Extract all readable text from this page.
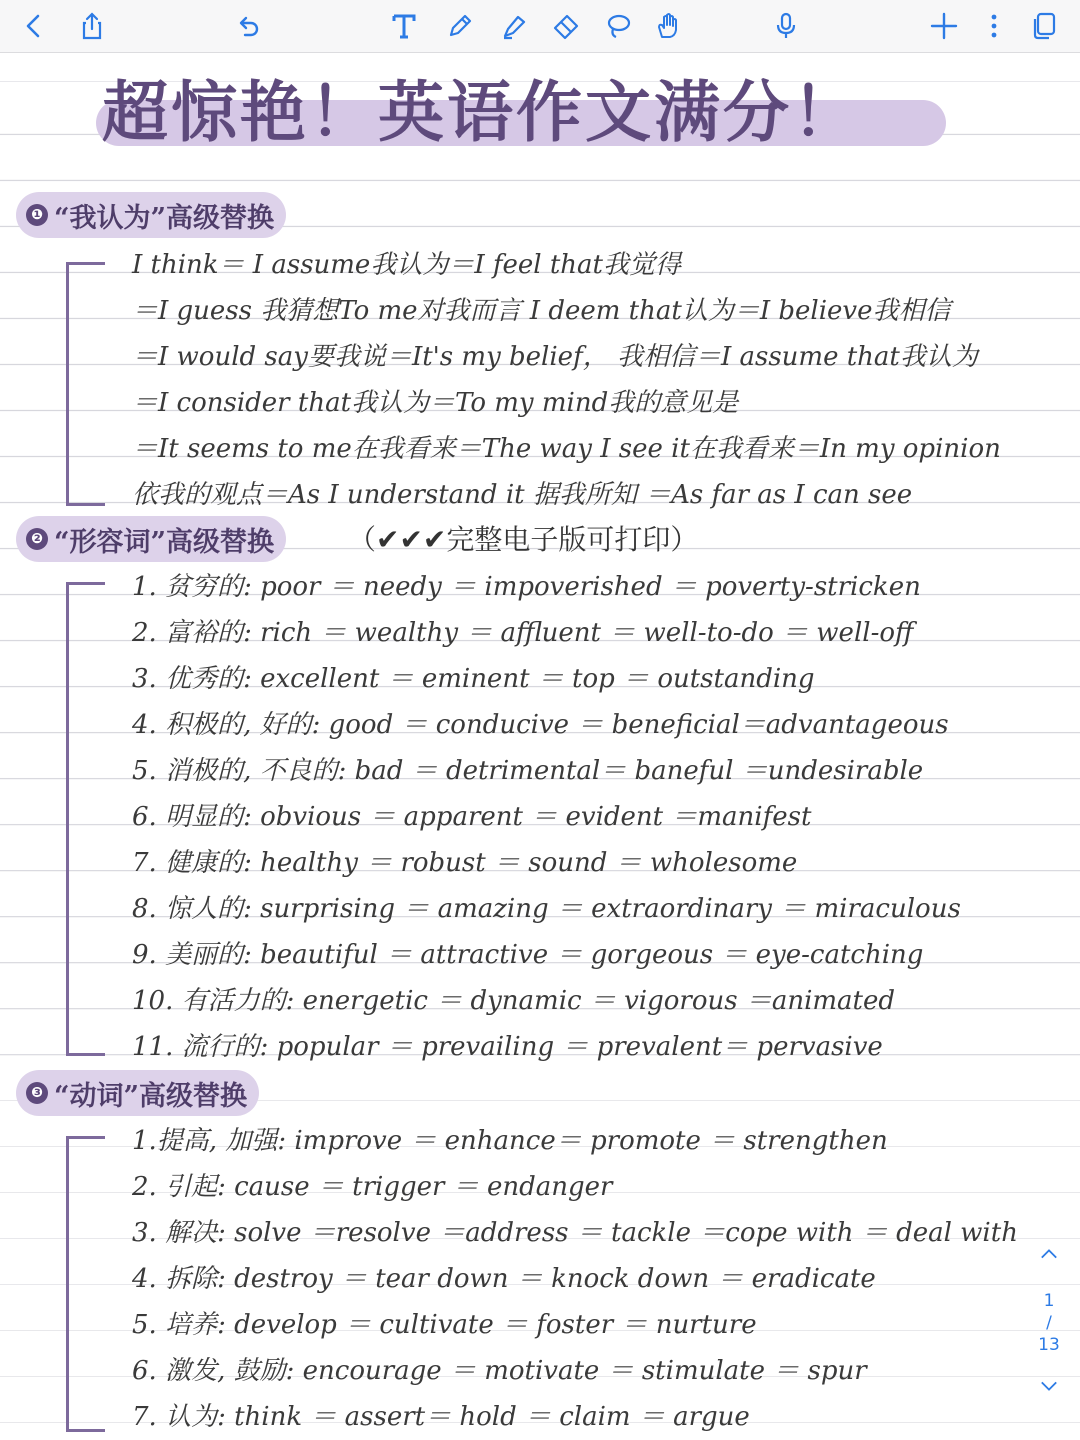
超惊艳！英语作文满分！
❶ “我认为”高级替换
I think＝ I assume我认为＝I feel that我觉得
＝I guess 我猜想To me对我而言 I deem that认为＝I believe我相信
＝I would say要我说＝It's my belief， 我相信＝I assume that我认为
＝I consider that我认为＝To my mind我的意见是
＝It seems to me在我看来＝The way I see it在我看来＝In my opinion
依我的观点＝As I understand it 据我所知 ＝As far as I can see
❷ “形容词”高级替换	（✔✔✔完整电子版可打印）
1. 贫穷的: poor ＝ needy ＝ impoverished ＝ poverty-stricken
2. 富裕的: rich ＝ wealthy ＝ affluent ＝ well-to-do ＝ well-off
3. 优秀的: excellent ＝ eminent ＝ top ＝ outstanding
4. 积极的, 好的: good ＝ conducive ＝ beneficial＝advantageous
5. 消极的, 不良的: bad ＝ detrimental＝ baneful ＝undesirable
6. 明显的: obvious ＝ apparent ＝ evident ＝manifest
7. 健康的: healthy ＝ robust ＝ sound ＝ wholesome
8. 惊人的: surprising ＝ amazing ＝ extraordinary ＝ miraculous
9. 美丽的: beautiful ＝ attractive ＝ gorgeous ＝ eye-catching
10. 有活力的: energetic ＝ dynamic ＝ vigorous ＝animated
11. 流行的: popular ＝ prevailing ＝ prevalent＝ pervasive
❸ “动词”高级替换
1.提高, 加强: improve ＝ enhance＝ promote ＝ strengthen
2. 引起: cause ＝ trigger ＝ endanger
3. 解决: solve ＝resolve ＝address ＝ tackle ＝cope with ＝ deal with
4. 拆除: destroy ＝ tear down ＝ knock down ＝ eradicate
5. 培养: develop ＝ cultivate ＝ foster ＝ nurture
6. 激发, 鼓励: encourage ＝ motivate ＝ stimulate ＝ spur
7. 认为: think ＝ assert＝ hold ＝ claim ＝ argue
1
/
13
